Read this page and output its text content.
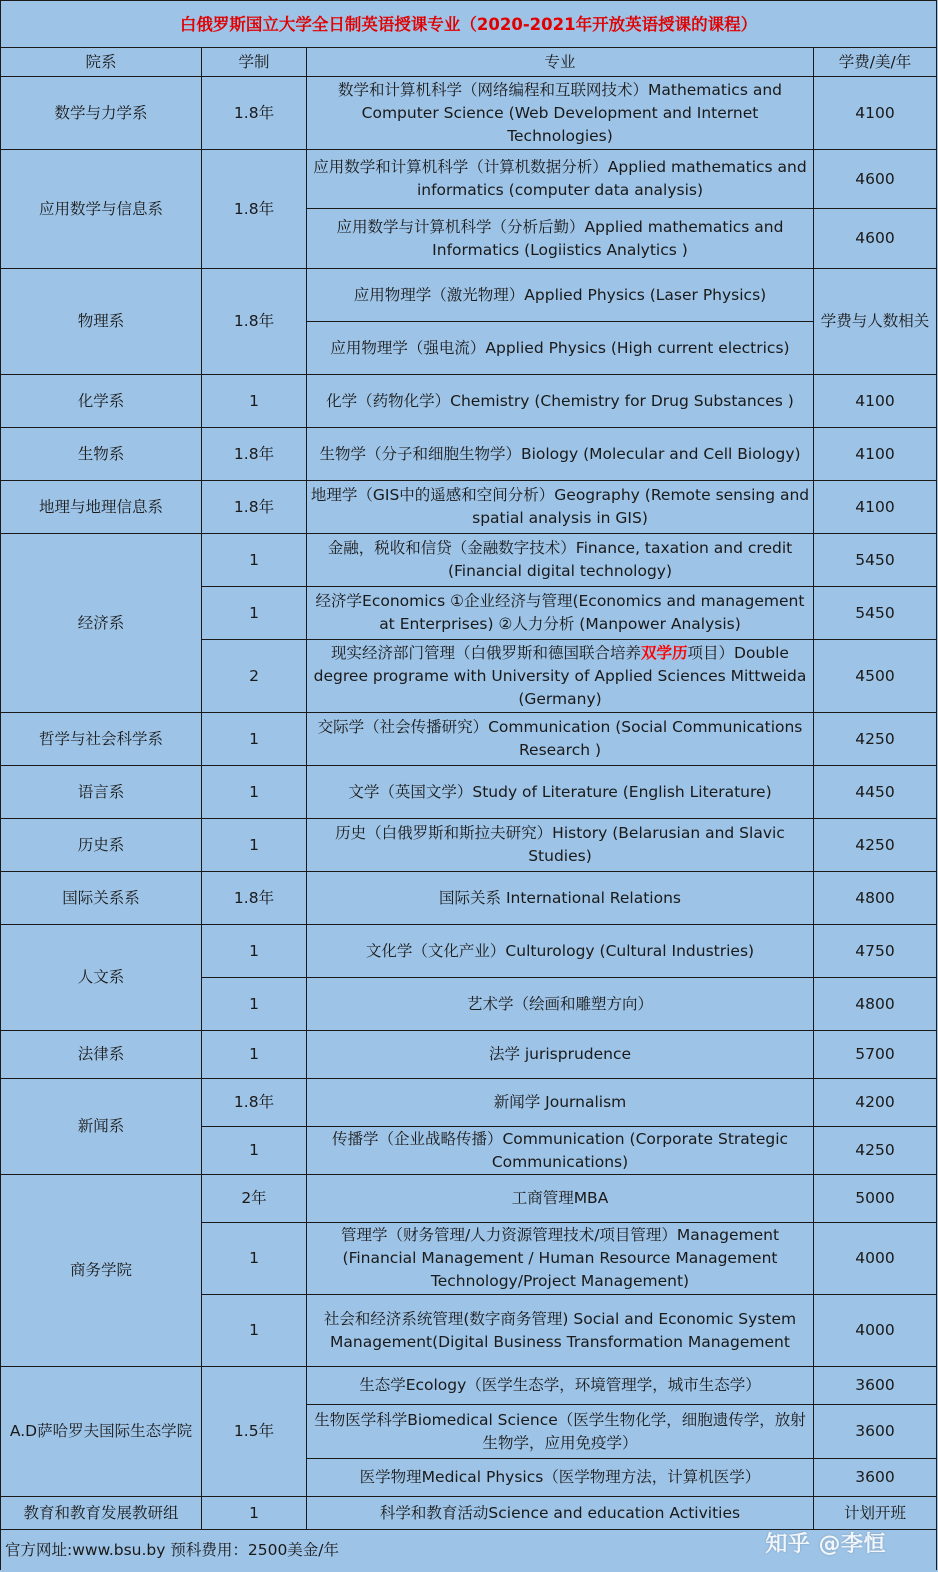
白俄罗斯国立大学全日制英语授课专业（2020-2021年开放英语授课的课程）			
院系	学制	专业	学费/美/年
数学与力学系	1.8年	数学和计算机科学（网络编程和互联网技术）Mathematics and Computer Science (Web Development and Internet Technologies)	4100
应用数学与信息系	1.8年	应用数学和计算机科学（计算机数据分析）Applied mathematics and informatics (computer data analysis)	4600
		应用数学与计算机科学（分析后勤）Applied mathematics and Informatics (Logiistics Analytics )	4600
物理系	1.8年	应用物理学（激光物理）Applied Physics (Laser Physics)	学费与人数相关
		应用物理学（强电流）Applied Physics (High current electrics)	
化学系	1	化学（药物化学）Chemistry (Chemistry for Drug Substances )	4100
生物系	1.8年	生物学（分子和细胞生物学）Biology (Molecular and Cell Biology)	4100
地理与地理信息系	1.8年	地理学（GIS中的遥感和空间分析）Geography (Remote sensing and spatial analysis in GIS)	4100
经济系	1	金融，税收和信贷（金融数字技术）Finance, taxation and credit (Financial digital technology)	5450
	1	经济学Economics ①企业经济与管理(Economics and management at Enterprises) ②人力分析 (Manpower Analysis)	5450
	2	现实经济部门管理（白俄罗斯和德国联合培养双学历项目）Double degree programe with University of Applied Sciences Mittweida (Germany)	4500
哲学与社会科学系	1	交际学（社会传播研究）Communication (Social Communications Research )	4250
语言系	1	文学（英国文学）Study of Literature (English Literature)	4450
历史系	1	历史（白俄罗斯和斯拉夫研究）History (Belarusian and Slavic Studies)	4250
国际关系系	1.8年	国际关系 International Relations	4800
人文系	1	文化学（文化产业）Culturology (Cultural Industries)	4750
	1	艺术学（绘画和雕塑方向）	4800
法律系	1	法学 jurisprudence	5700
新闻系	1.8年	新闻学 Journalism	4200
	1	传播学（企业战略传播）Communication (Corporate Strategic Communications)	4250
商务学院	2年	工商管理MBA	5000
	1	管理学（财务管理/人力资源管理技术/项目管理）Management (Financial Management / Human Resource Management Technology/Project Management)	4000
	1	社会和经济系统管理(数字商务管理) Social and Economic System Management(Digital Business Transformation Management	4000
A.D萨哈罗夫国际生态学院	1.5年	生态学Ecology（医学生态学，环境管理学，城市生态学）	3600
		生物医学科学Biomedical Science（医学生物化学，细胞遗传学，放射生物学，应用免疫学）	3600
		医学物理Medical Physics（医学物理方法，计算机医学）	3600
教育和教育发展教研组	1	科学和教育活动Science and education Activities	计划开班
官方网址:www.bsu.by 预科费用：2500美金/年				知乎 @李恒
